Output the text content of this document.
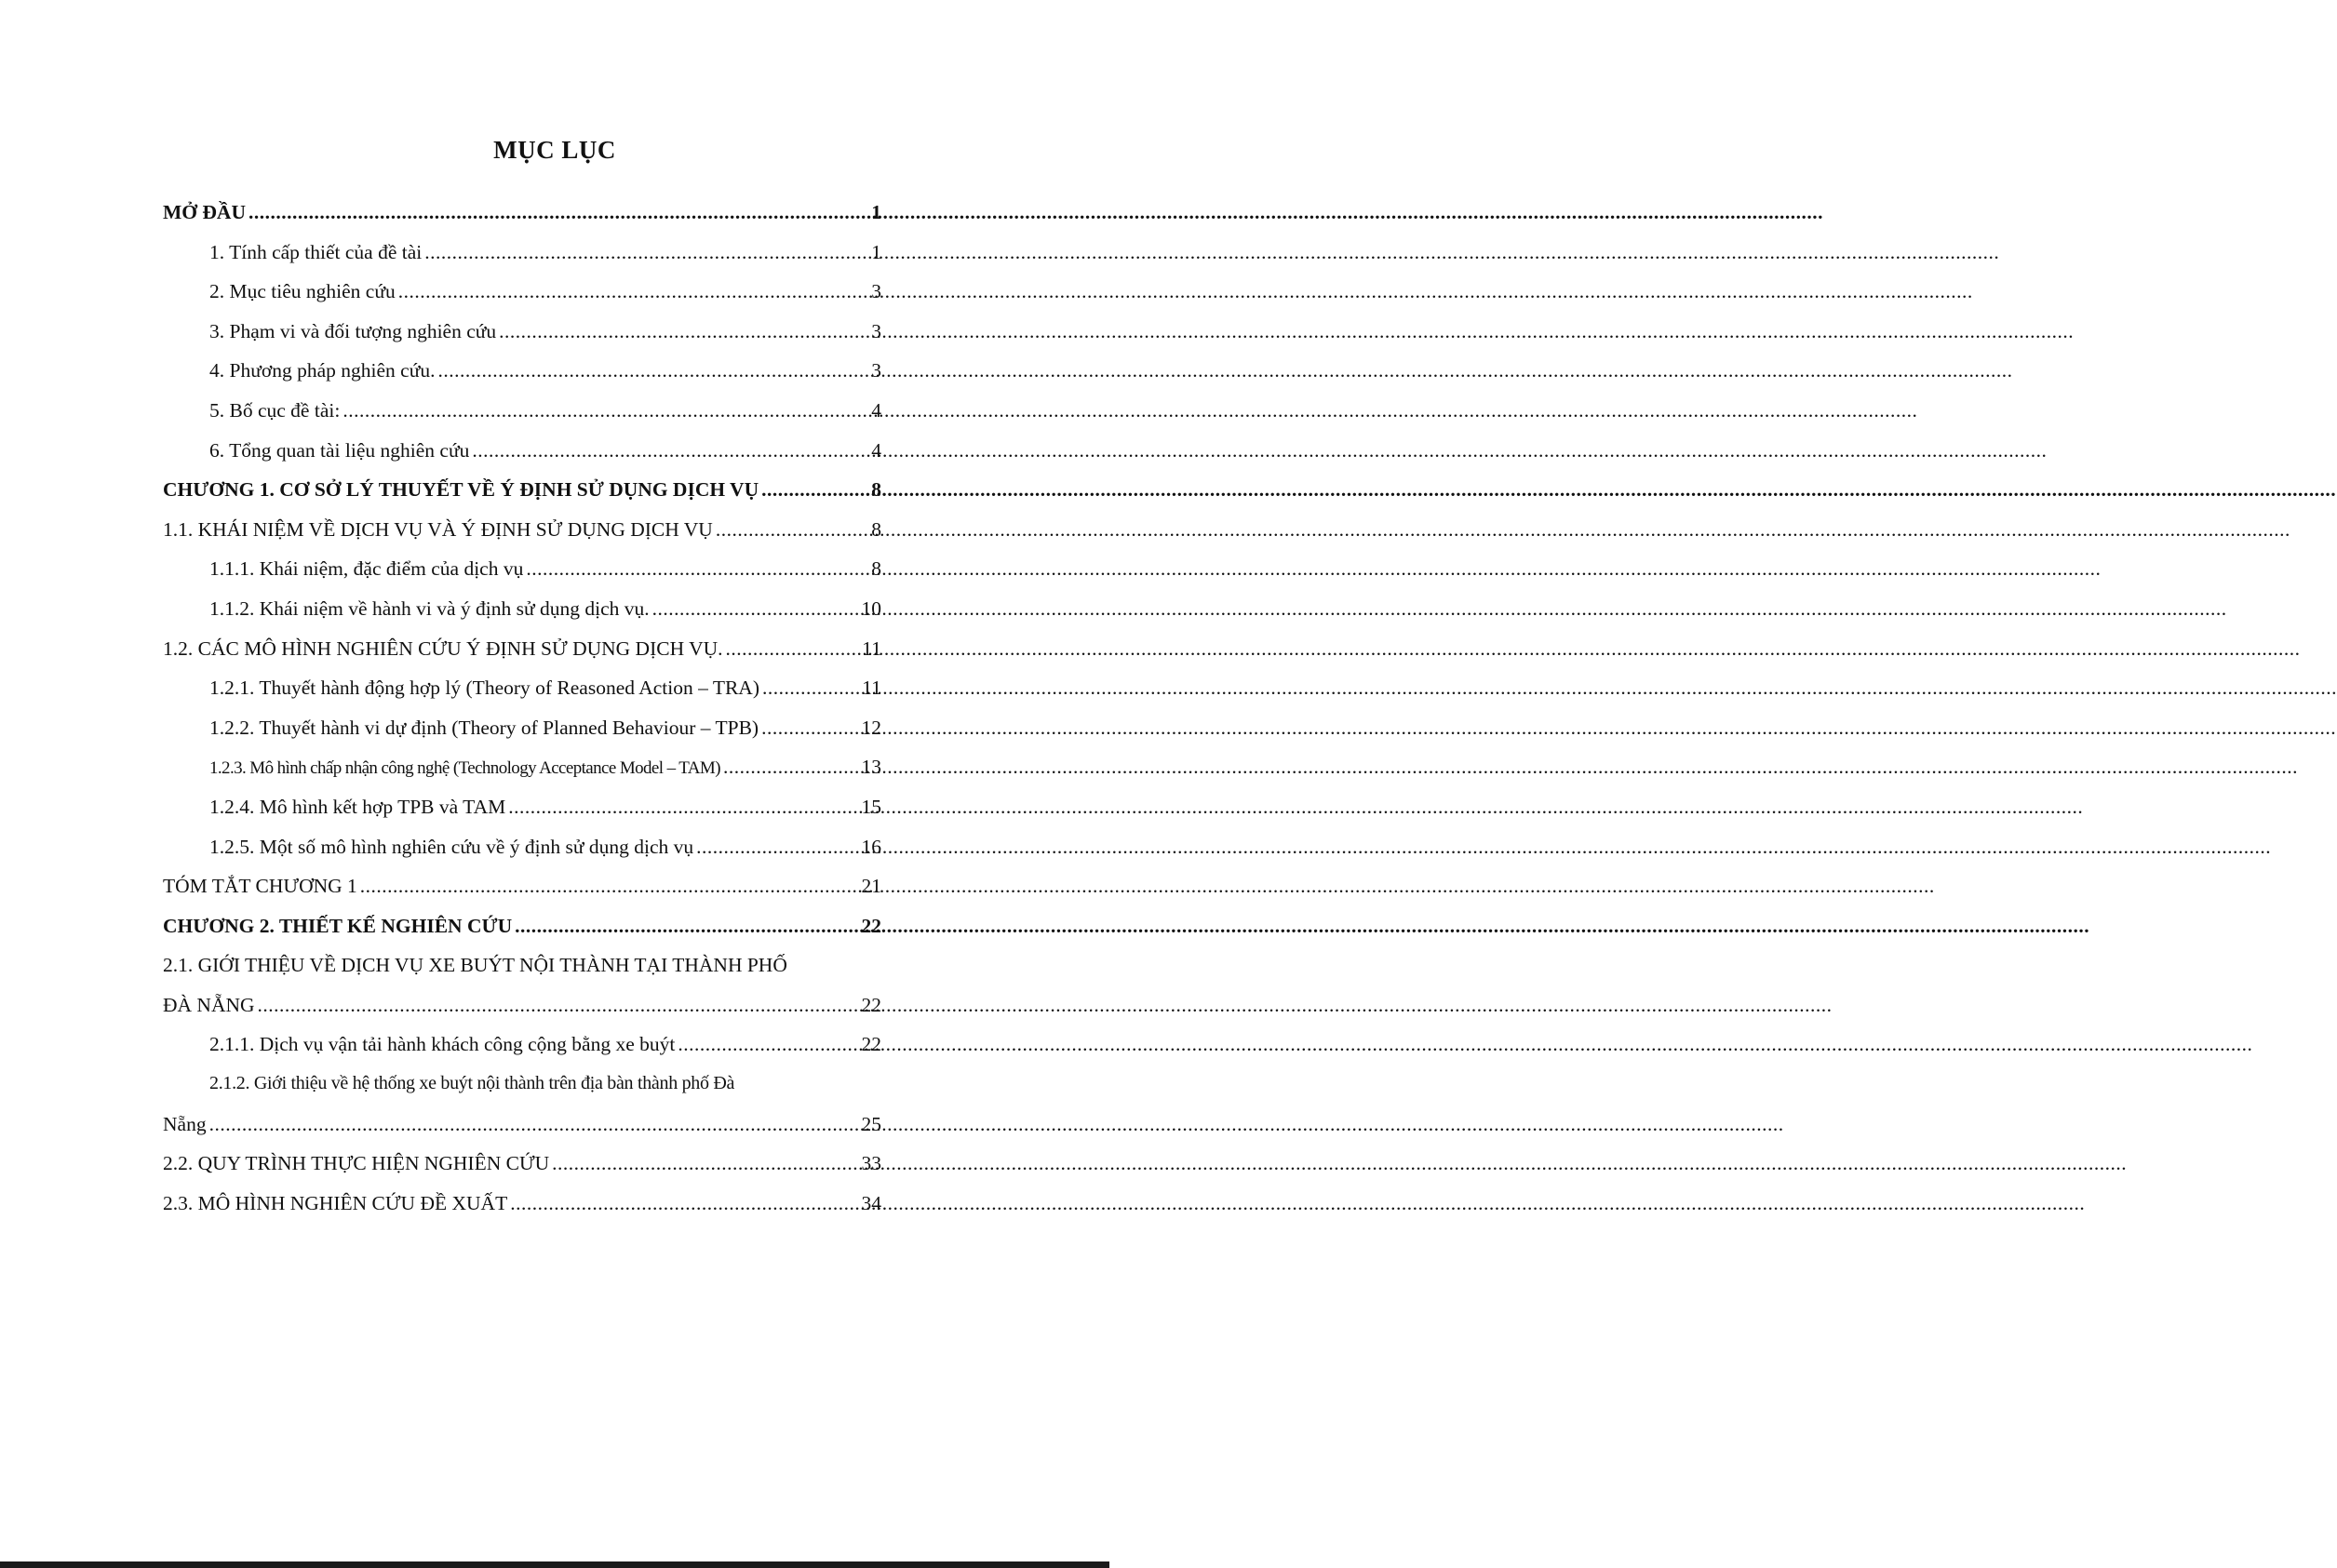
MỤC LỤC
MỞ ĐẦU .....	1
1. Tính cấp thiết của đề tài .....	1
2. Mục tiêu nghiên cứu .....	3
3. Phạm vi và đối tượng nghiên cứu .....	3
4. Phương pháp nghiên cứu. .....	3
5. Bố cục đề tài: .....	4
6. Tổng quan tài liệu nghiên cứu .....	4
CHƯƠNG 1. CƠ SỞ LÝ THUYẾT VỀ Ý ĐỊNH SỬ DỤNG DỊCH VỤ .....	8
1.1. KHÁI NIỆM VỀ DỊCH VỤ VÀ Ý ĐỊNH SỬ DỤNG DỊCH VỤ .....	8
1.1.1. Khái niệm, đặc điểm của dịch vụ .....	8
1.1.2. Khái niệm về hành vi và ý định sử dụng dịch vụ. .....	10
1.2. CÁC MÔ HÌNH NGHIÊN CỨU Ý ĐỊNH SỬ DỤNG DỊCH VỤ. .....	11
1.2.1. Thuyết hành động hợp lý (Theory of Reasoned Action – TRA) .....	11
1.2.2. Thuyết hành vi dự định (Theory of Planned Behaviour – TPB) .....	12
1.2.3. Mô hình chấp nhận công nghệ (Technology Acceptance Model – TAM) .....	13
1.2.4. Mô hình kết hợp TPB và TAM .....	15
1.2.5. Một số mô hình nghiên cứu về ý định sử dụng dịch vụ .....	16
TÓM TẮT CHƯƠNG 1 .....	21
CHƯƠNG 2. THIẾT KẾ NGHIÊN CỨU .....	22
2.1. GIỚI THIỆU VỀ DỊCH VỤ XE BUÝT NỘI THÀNH TẠI THÀNH PHỐ
ĐÀ NẴNG .....	22
2.1.1. Dịch vụ vận tải hành khách công cộng bằng xe buýt .....	22
2.1.2. Giới thiệu về hệ thống xe buýt nội thành trên địa bàn thành phố Đà
Nẵng .....	25
2.2. QUY TRÌNH THỰC HIỆN NGHIÊN CỨU .....	33
2.3. MÔ HÌNH NGHIÊN CỨU ĐỀ XUẤT .....	34
